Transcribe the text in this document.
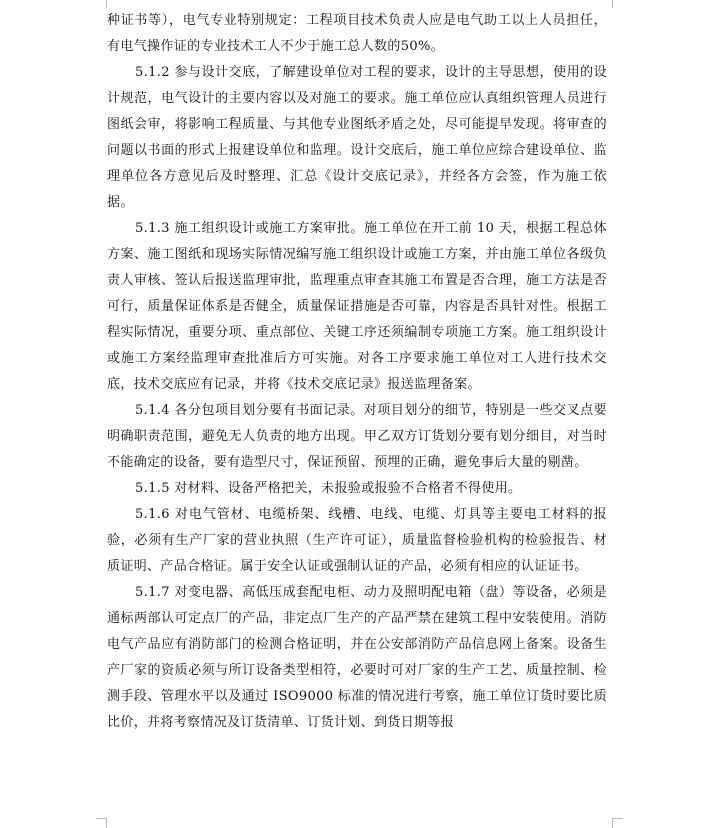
种证书等），电气专业特别规定：工程项目技术负责人应是电气助工以上人员担任，有电气操作证的专业技术工人不少于施工总人数的50%。

5.1.2 参与设计交底，了解建设单位对工程的要求，设计的主导思想，使用的设计规范，电气设计的主要内容以及对施工的要求。施工单位应认真组织管理人员进行图纸会审，将影响工程质量、与其他专业图纸矛盾之处，尽可能提早发现。将审查的问题以书面的形式上报建设单位和监理。设计交底后，施工单位应综合建设单位、监理单位各方意见后及时整理、汇总《设计交底记录》，并经各方会签，作为施工依据。

5.1.3 施工组织设计或施工方案审批。施工单位在开工前 10 天，根据工程总体方案、施工图纸和现场实际情况编写施工组织设计或施工方案，并由施工单位各级负责人审核、签认后报送监理审批，监理重点审查其施工布置是否合理，施工方法是否可行，质量保证体系是否健全，质量保证措施是否可靠，内容是否具针对性。根据工程实际情况，重要分项、重点部位、关键工序还须编制专项施工方案。施工组织设计或施工方案经监理审查批准后方可实施。对各工序要求施工单位对工人进行技术交底，技术交底应有记录，并将《技术交底记录》报送监理备案。

5.1.4 各分包项目划分要有书面记录。对项目划分的细节，特别是一些交叉点要明确职责范围，避免无人负责的地方出现。甲乙双方订货划分要有划分细目，对当时不能确定的设备，要有造型尺寸，保证预留、预埋的正确，避免事后大量的剔凿。

5.1.5 对材料、设备严格把关，未报验或报验不合格者不得使用。

5.1.6 对电气管材、电缆桥架、线槽、电线、电缆、灯具等主要电工材料的报验，必须有生产厂家的营业执照（生产许可证），质量监督检验机构的检验报告、材质证明、产品合格证。属于安全认证或强制认证的产品，必须有相应的认证证书。

5.1.7 对变电器、高低压成套配电柜、动力及照明配电箱（盘）等设备，必须是通标两部认可定点厂的产品，非定点厂生产的产品严禁在建筑工程中安装使用。消防电气产品应有消防部门的检测合格证明，并在公安部消防产品信息网上备案。设备生产厂家的资质必须与所订设备类型相符，必要时可对厂家的生产工艺、质量控制、检测手段、管理水平以及通过 ISO9000 标准的情况进行考察，施工单位订货时要比质比价，并将考察情况及订货清单、订货计划、到货日期等报
